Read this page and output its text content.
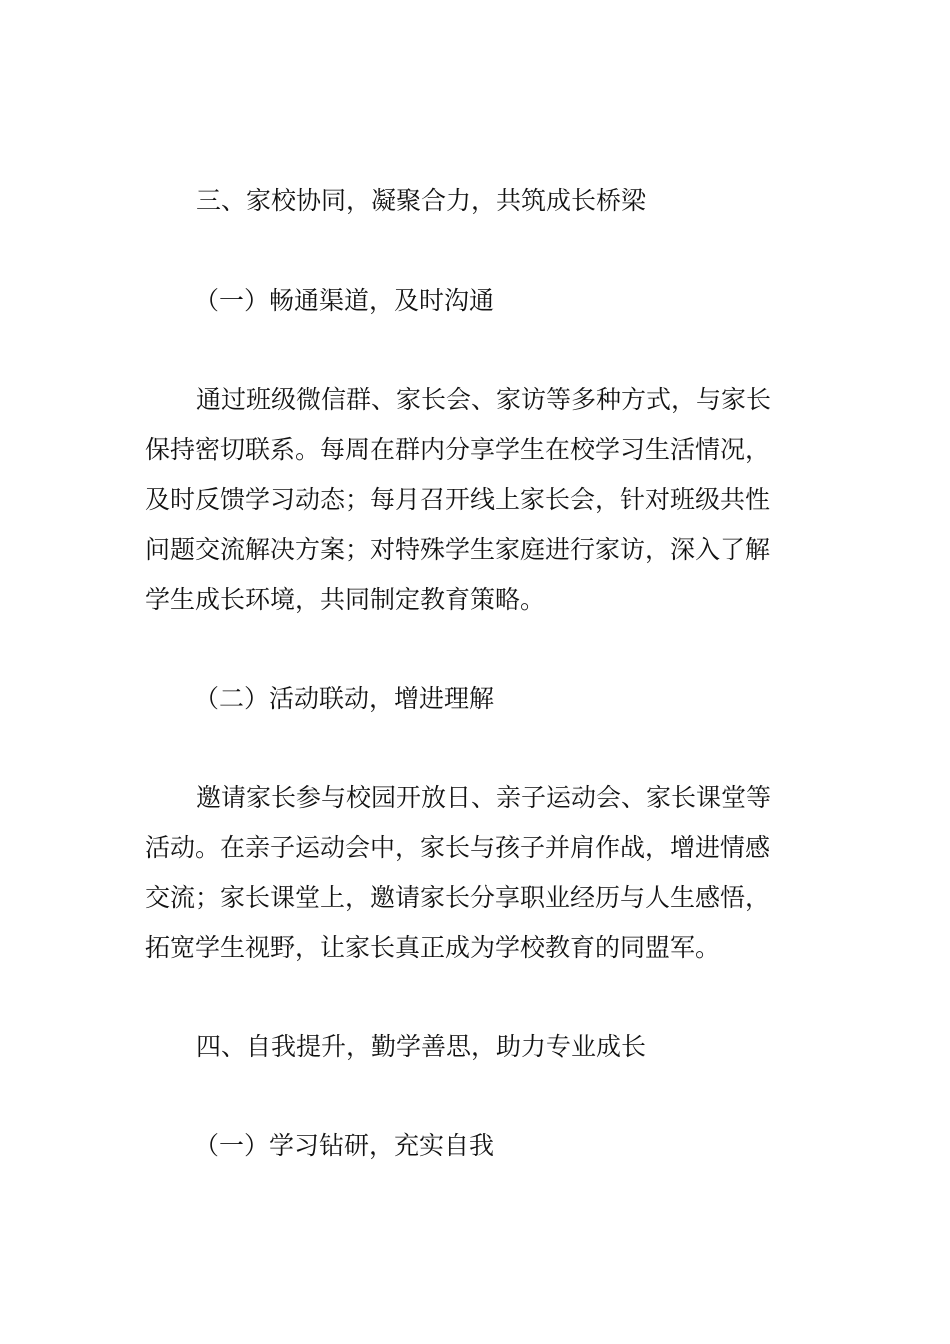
三、家校协同，凝聚合力，共筑成长桥梁
（一）畅通渠道，及时沟通
通过班级微信群、家长会、家访等多种方式，与家长
保持密切联系。每周在群内分享学生在校学习生活情况，
及时反馈学习动态；每月召开线上家长会，针对班级共性
问题交流解决方案；对特殊学生家庭进行家访，深入了解
学生成长环境，共同制定教育策略。
（二）活动联动，增进理解
邀请家长参与校园开放日、亲子运动会、家长课堂等
活动。在亲子运动会中，家长与孩子并肩作战，增进情感
交流；家长课堂上，邀请家长分享职业经历与人生感悟，
拓宽学生视野，让家长真正成为学校教育的同盟军。
四、自我提升，勤学善思，助力专业成长
（一）学习钻研，充实自我
